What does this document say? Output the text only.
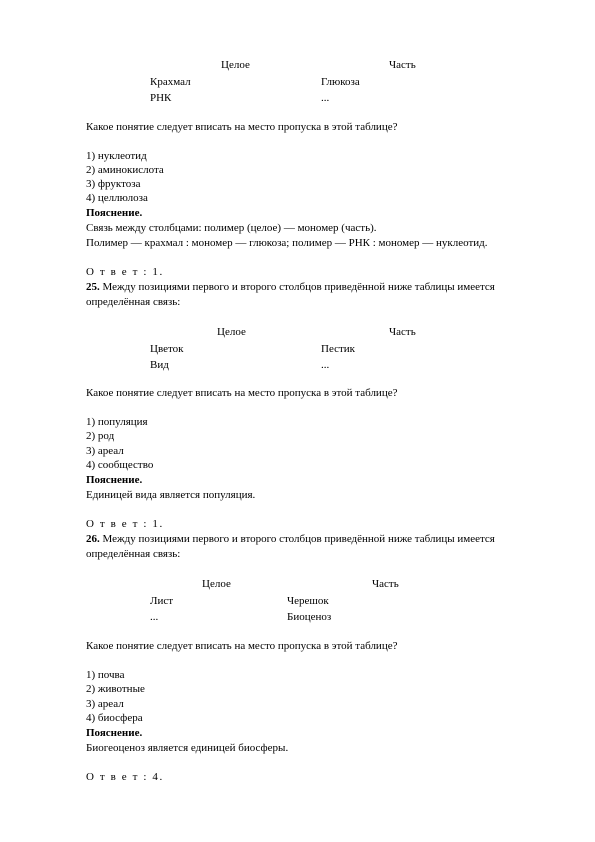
Целое	Часть
Крахмал	Глюкоза
РНК	...
Какое понятие следует вписать на место пропуска в этой таблице?
1) нуклеотид
2) аминокислота
3) фруктоза
4) целлюлоза
Пояснение.
Связь между столбцами: полимер (целое) — мономер (часть).
Полимер — крахмал : мономер — глюкоза; полимер — РНК : мономер — нуклеотид.
О т в е т : 1.
25. Между позициями первого и второго столбцов приведённой ниже таблицы имеется
определённая связь:
Целое	Часть
Цветок	Пестик
Вид	...
Какое понятие следует вписать на место пропуска в этой таблице?
1) популяция
2) род
3) ареал
4) сообщество
Пояснение.
Единицей вида является популяция.
О т в е т : 1.
26. Между позициями первого и второго столбцов приведённой ниже таблицы имеется
определённая связь:
Целое	Часть
Лист	Черешок
...	Биоценоз
Какое понятие следует вписать на место пропуска в этой таблице?
1) почва
2) животные
3) ареал
4) биосфера
Пояснение.
Биогеоценоз является единицей биосферы.
О т в е т : 4.
